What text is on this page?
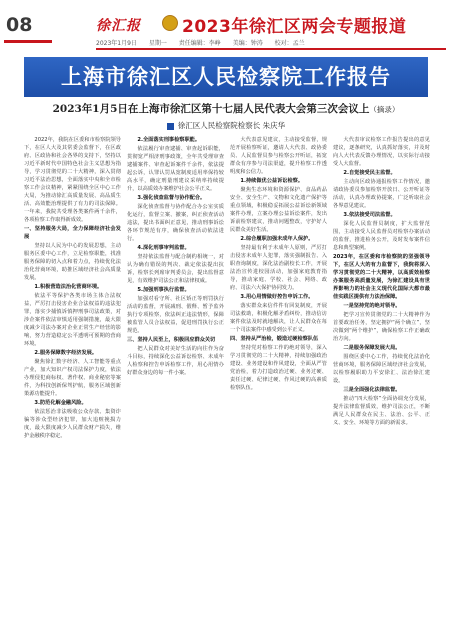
08	徐汇报 2023年徐汇区两会专题报道
2023年1月9日 星期一 责任编辑：李峥 美编：钟涛 校对：孟兰
上海市徐汇区人民检察院工作报告
2023年1月5日在上海市徐汇区第十七届人民代表大会第三次会议上（摘录）
徐汇区人民检察院检察长 朱庆华

2022年，我院在区委和市检察院领导下，在区人大及其常委会监督下，在区政府、区政协和社会各界的支持下，坚持以习近平新时代中国特色社会主义思想为指导，学习贯彻党的二十大精神，深入贯彻习近平法治思想，全面落实中央和全市检察工作会议精神，紧紧围绕全区中心工作大局，为推动徐汇高质量发展、高品质生活、高效能治理提供了有力的司法保障。一年来，我院共受理各类案件两千余件，各项检察工作取得新成效。

一、坚持服务大局，全力保障经济社会发展

坚持以人民为中心的发展思想，主动服务区委中心工作，立足检察职能，找准服务保障的切入点和着力点，持续优化法治化营商环境，助推区域经济社会高质量发展。

1.积极营造法治化营商环境。

依法平等保护各类市场主体合法权益，严厉打击侵害企业合法权益的违法犯罪，落实少捕慎诉慎押刑事司法政策，对涉企案件依法审慎适用强制措施，最大限度减少司法办案对企业正常生产经营的影响，努力营造稳定公平透明可预期的营商环境。

2.服务保障数字经济发展。

聚焦徐汇数字经济、人工智能等重点产业，加大知识产权司法保护力度，依法办理侵犯商标权、著作权、商业秘密等案件，为科技创新保驾护航，服务区域创新策源功能提升。

3.防范化解金融风险。

依法惩治非法吸收公众存款、集资诈骗等涉众型经济犯罪，加大追赃挽损力度，最大限度减少人民群众财产损失，维护金融秩序稳定。

2.全面落实刑事检察职能。

依法履行审查逮捕、审查起诉职能，贯彻宽严相济刑事政策，全年共受理审查逮捕案件、审查起诉案件千余件，依法提起公诉，认罪认罚从宽制度适用率保持较高水平，确定刑量刑建议采纳率持续提升，以高质效办案维护社会公平正义。

3.强化侦查监督与协作配合。

深化侦查监督与协作配合办公室实质化运行，监督立案、撤案，纠正侦查活动违法，提出书面纠正意见，推动刑事诉讼各环节规范有序，确保侦查活动依法进行。

4.深化刑事审判监督。

坚持依法监督与配合制约相统一，对认为确有错误的判决、裁定依法提出抗诉，检察长列席审判委员会，提出监督意见，有效维护司法公正和法律权威。

5.加强刑事执行监督。

加强对看守所、社区矫正等刑罚执行活动的监督，开展减刑、假释、暂予监外执行专项检察，依法纠正违法情形，保障被监管人员合法权益，促进刑罚执行公正规范。

三、坚持人民至上，积极回应群众关切

把人民群众对美好生活的向往作为奋斗目标，持续深化公益诉讼检察、未成年人检察和控告申诉检察工作，用心用情办好群众身边的每一件小案。

大代表意见建议，主动接受监督，规范开展检察听证，邀请人大代表、政协委员、人民监督员参与检察公开听证，拓宽群众有序参与司法渠道，提升检察工作透明度和公信力。

1.持续做优公益诉讼检察。

聚焦生态环境和资源保护、食品药品安全、安全生产、文物和文化遗产保护等重点领域，积极稳妥拓展公益诉讼新领域案件办理，立案办理公益诉讼案件，发出诉前检察建议，推动问题整改，守护好人民群众美好生活。

2.综合履职加强未成年人保护。

坚持最有利于未成年人原则，严厉打击侵害未成年人犯罪，落实强制报告、入职查询制度，深化法治副校长工作，开展法治宣传进校园活动，加强家庭教育指导，推动家庭、学校、社会、网络、政府、司法六大保护协同发力。

3.用心用情做好控告申诉工作。

落实群众来信件件有回复制度，开展司法救助，积极化解矛盾纠纷，推动信访案件依法及时就地解决，让人民群众在每一个司法案件中感受到公平正义。

四、坚持从严治检，锻造过硬检察队伍

坚持党对检察工作的绝对领导，深入学习贯彻党的二十大精神，持续加强政治建设、业务建设和作风建设，全面从严管党治检，着力打造政治过硬、业务过硬、责任过硬、纪律过硬、作风过硬的高素质检察队伍。

大代表审议检察工作报告提出的意见建议，逐条研究，认真抓好落实，并及时向人大代表反馈办理情况，以实际行动接受人大监督。

2.自觉接受民主监督。

主动向区政协通报检察工作情况，邀请政协委员参加检察开放日、公开听证等活动，认真办理政协提案，广泛听取社会各界意见建议。

3.依法接受司法监督。

深化人民监督员制度，扩大监督范围，主动接受人民监督员对检察办案活动的监督，推进检务公开，及时发布案件信息和典型案例。

2023年，在区委和市检察院的坚强领导下，在区人大的有力监督下，我院将深入学习贯彻党的二十大精神，以高质效检察办案服务高质量发展，为徐汇建设具有世界影响力的社会主义现代化国际大都市最佳实践区提供有力法治保障。

一是坚持党的绝对领导。

把学习宣传贯彻党的二十大精神作为首要政治任务，坚定拥护“两个确立”，坚决做到“两个维护”，确保检察工作正确政治方向。

二是服务保障发展大局。

围绕区委中心工作，持续优化法治化营商环境，服务保障区域经济社会发展，以检察履职助力平安徐汇、法治徐汇建设。

三是全面强化法律监督。

推动“四大检察”全面协调充分发展，提升法律监督质效，维护司法公正，不断满足人民群众在民主、法治、公平、正义、安全、环境等方面的新需求。
